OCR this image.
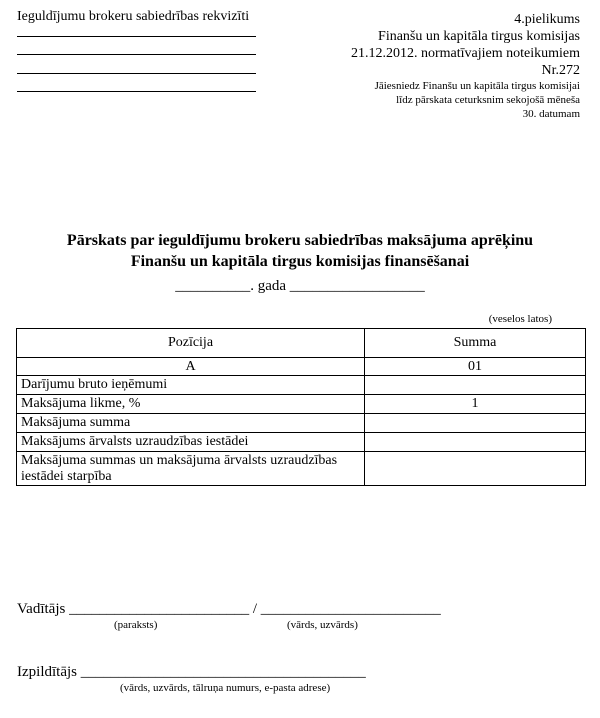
Ieguldījumu brokeru sabiedrības rekvizīti	4.pielikums
Finanšu un kapitāla tirgus komisijas
21.12.2012. normatīvajiem noteikumiem
Nr.272
Jāiesniedz Finanšu un kapitāla tirgus komisijai
līdz pārskata ceturksnim sekojošā mēneša
30. datumam
Pārskats par ieguldījumu brokeru sabiedrības maksājuma aprēķinu
Finanšu un kapitāla tirgus komisijas finansēšanai
__________. gada __________________
(veselos latos)
Pozīcija	Summa
A	01
Darījumu bruto ieņēmumi	
Maksājuma likme, %	1
Maksājuma summa	
Maksājums ārvalsts uzraudzības iestādei	
Maksājuma summas un maksājuma ārvalsts uzraudzības iestādei starpība	
Vadītājs ________________________ / ________________________
(paraksts)	(vārds, uzvārds)
Izpildītājs ______________________________________
(vārds, uzvārds, tālruņa numurs, e-pasta adrese)
